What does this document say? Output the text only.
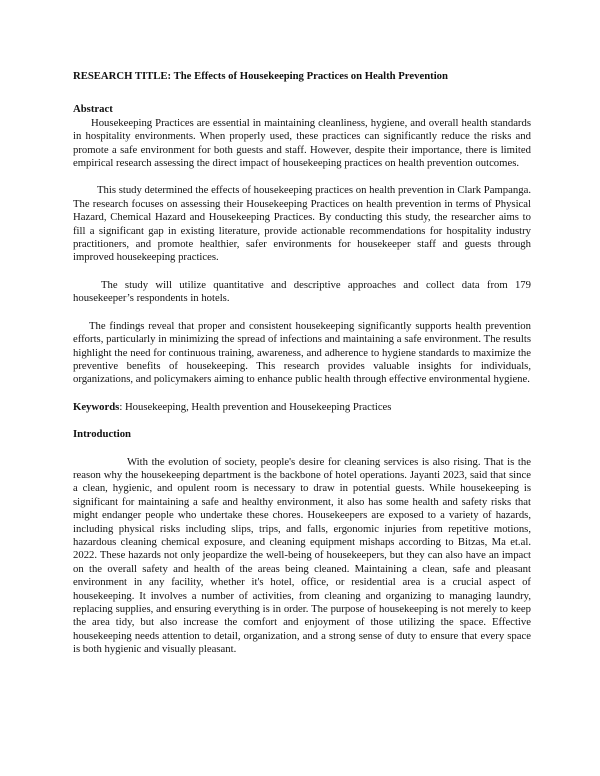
RESEARCH TITLE: The Effects of Housekeeping Practices on Health Prevention

Abstract

Housekeeping Practices are essential in maintaining cleanliness, hygiene, and overall health standards in hospitality environments. When properly used, these practices can significantly reduce the risks and promote a safe environment for both guests and staff. However, despite their importance, there is limited empirical research assessing the direct impact of housekeeping practices on health prevention outcomes.

This study determined the effects of housekeeping practices on health prevention in Clark Pampanga. The research focuses on assessing their Housekeeping Practices on health prevention in terms of Physical Hazard, Chemical Hazard and Housekeeping Practices. By conducting this study, the researcher aims to fill a significant gap in existing literature, provide actionable recommendations for hospitality industry practitioners, and promote healthier, safer environments for housekeeper staff and guests through improved housekeeping practices.

The study will utilize quantitative and descriptive approaches and collect data from 179 housekeeper’s respondents in hotels.

The findings reveal that proper and consistent housekeeping significantly supports health prevention efforts, particularly in minimizing the spread of infections and maintaining a safe environment. The results highlight the need for continuous training, awareness, and adherence to hygiene standards to maximize the preventive benefits of housekeeping. This research provides valuable insights for individuals, organizations, and policymakers aiming to enhance public health through effective environmental hygiene.

Keywords: Housekeeping, Health prevention and Housekeeping Practices

Introduction

With the evolution of society, people's desire for cleaning services is also rising. That is the reason why the housekeeping department is the backbone of hotel operations. Jayanti 2023, said that since a clean, hygienic, and opulent room is necessary to draw in potential guests. While housekeeping is significant for maintaining a safe and healthy environment, it also has some health and safety risks that might endanger people who undertake these chores. Housekeepers are exposed to a variety of hazards, including physical risks including slips, trips, and falls, ergonomic injuries from repetitive motions, hazardous cleaning chemical exposure, and cleaning equipment mishaps according to Bitzas, Ma et.al. 2022. These hazards not only jeopardize the well-being of housekeepers, but they can also have an impact on the overall safety and health of the areas being cleaned. Maintaining a clean, safe and pleasant environment in any facility, whether it's hotel, office, or residential area is a crucial aspect of housekeeping. It involves a number of activities, from cleaning and organizing to managing laundry, replacing supplies, and ensuring everything is in order. The purpose of housekeeping is not merely to keep the area tidy, but also increase the comfort and enjoyment of those utilizing the space. Effective housekeeping needs attention to detail, organization, and a strong sense of duty to ensure that every space is both hygienic and visually pleasant.
